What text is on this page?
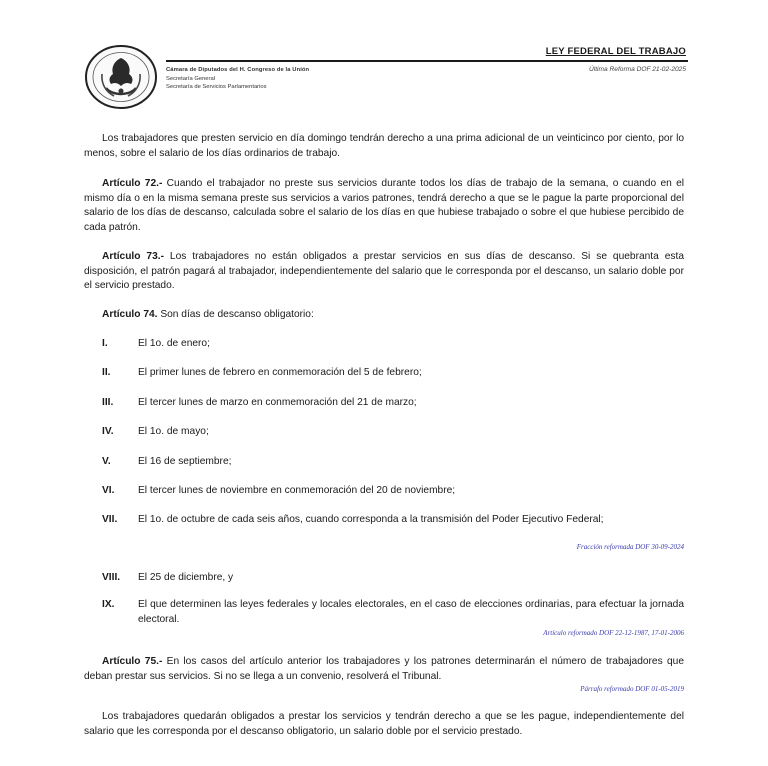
LEY FEDERAL DEL TRABAJO
Última Reforma DOF 21-02-2025
Cámara de Diputados del H. Congreso de la Unión
Secretaría General
Secretaría de Servicios Parlamentarios

Los trabajadores que presten servicio en día domingo tendrán derecho a una prima adicional de un veinticinco por ciento, por lo menos, sobre el salario de los días ordinarios de trabajo.

Artículo 72.- Cuando el trabajador no preste sus servicios durante todos los días de trabajo de la semana, o cuando en el mismo día o en la misma semana preste sus servicios a varios patrones, tendrá derecho a que se le pague la parte proporcional del salario de los días de descanso, calculada sobre el salario de los días en que hubiese trabajado o sobre el que hubiese percibido de cada patrón.

Artículo 73.- Los trabajadores no están obligados a prestar servicios en sus días de descanso. Si se quebranta esta disposición, el patrón pagará al trabajador, independientemente del salario que le corresponda por el descanso, un salario doble por el servicio prestado.

Artículo 74. Son días de descanso obligatorio:

I.	El 1o. de enero;

II.	El primer lunes de febrero en conmemoración del 5 de febrero;

III. El tercer lunes de marzo en conmemoración del 21 de marzo;

IV. El 1o. de mayo;

V.	El 16 de septiembre;

VI. El tercer lunes de noviembre en conmemoración del 20 de noviembre;

VII. El 1o. de octubre de cada seis años, cuando corresponda a la transmisión del Poder Ejecutivo Federal;

Fracción reformada DOF 30-09-2024
VIII. El 25 de diciembre, y

IX. El que determinen las leyes federales y locales electorales, en el caso de elecciones ordinarias, para efectuar la jornada electoral.

Artículo reformado DOF 22-12-1987, 17-01-2006

Artículo 75.- En los casos del artículo anterior los trabajadores y los patrones determinarán el número de trabajadores que deban prestar sus servicios. Si no se llega a un convenio, resolverá el Tribunal.

Párrafo reformado DOF 01-05-2019

Los trabajadores quedarán obligados a prestar los servicios y tendrán derecho a que se les pague, independientemente del salario que les corresponda por el descanso obligatorio, un salario doble por el servicio prestado.
